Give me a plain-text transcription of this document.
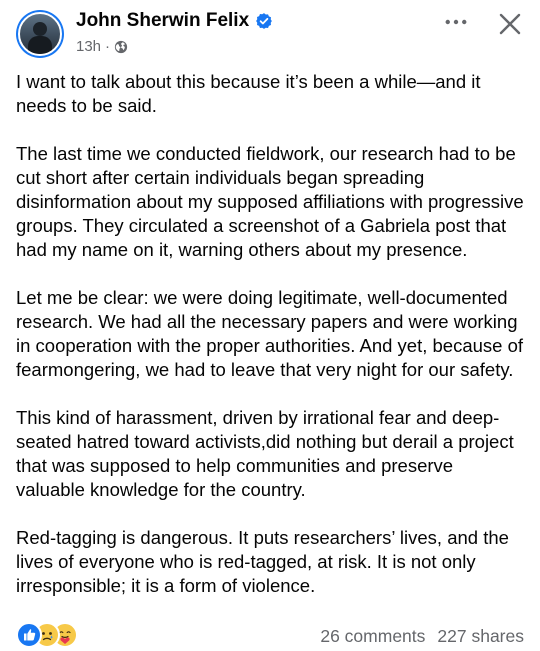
John Sherwin Felix
13h ·

I want to talk about this because it’s been a while—and it needs to be said.

The last time we conducted fieldwork, our research had to be cut short after certain individuals began spreading disinformation about my supposed affiliations with progressive groups. They circulated a screenshot of a Gabriela post that had my name on it, warning others about my presence.

Let me be clear: we were doing legitimate, well-documented research. We had all the necessary papers and were working in cooperation with the proper authorities. And yet, because of fearmongering, we had to leave that very night for our safety.

This kind of harassment, driven by irrational fear and deep-seated hatred toward activists,did nothing but derail a project that was supposed to help communities and preserve valuable knowledge for the country.

Red-tagging is dangerous. It puts researchers’ lives, and the lives of everyone who is red-tagged, at risk. It is not only irresponsible; it is a form of violence.

26 comments 227 shares
